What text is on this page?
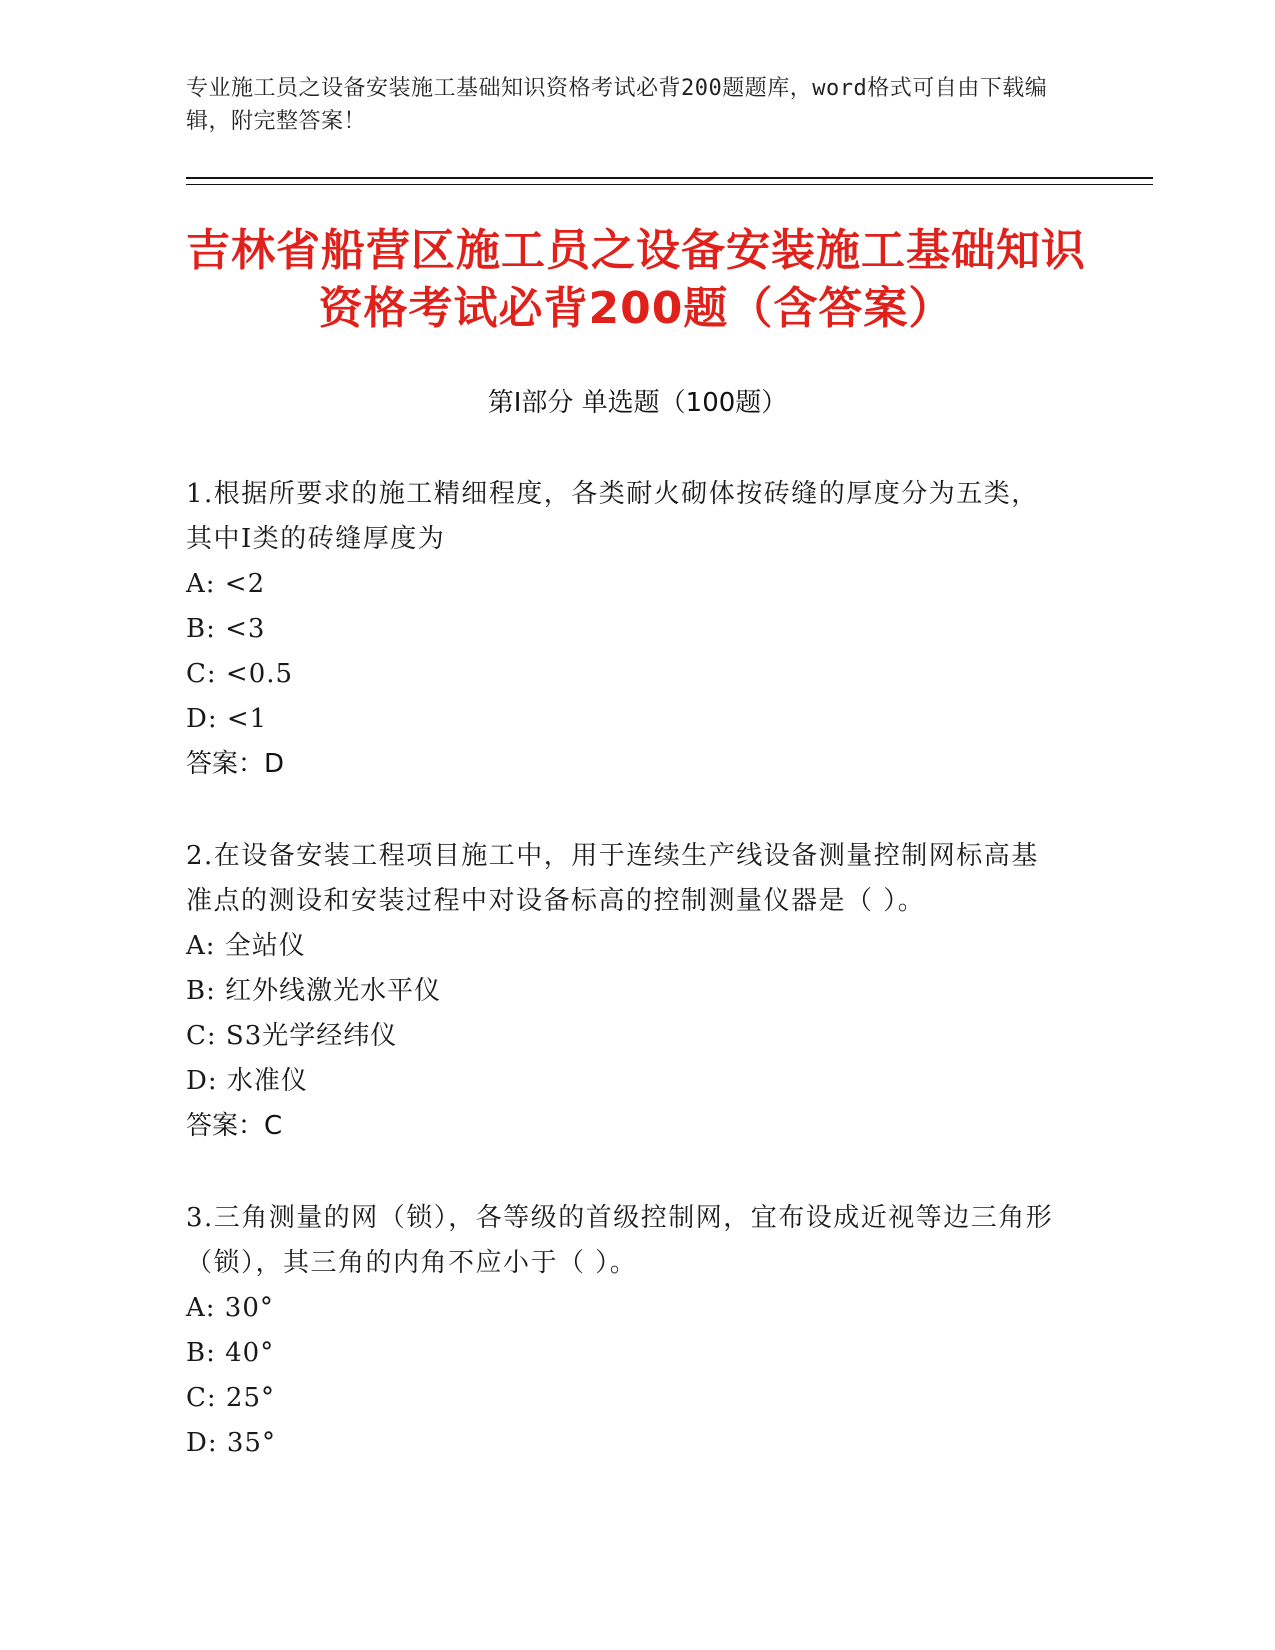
专业施工员之设备安装施工基础知识资格考试必背200题题库，word格式可自由下载编辑，附完整答案！
吉林省船营区施工员之设备安装施工基础知识资格考试必背200题（含答案）
第Ⅰ部分 单选题（100题）
1.根据所要求的施工精细程度，各类耐火砌体按砖缝的厚度分为五类，其中Ⅰ类的砖缝厚度为
A: <2
B: <3
C: <0.5
D: <1
答案：D
2.在设备安装工程项目施工中，用于连续生产线设备测量控制网标高基准点的测设和安装过程中对设备标高的控制测量仪器是（ ）。
A: 全站仪
B: 红外线激光水平仪
C: S3光学经纬仪
D: 水准仪
答案：C
3.三角测量的网（锁），各等级的首级控制网，宜布设成近视等边三角形（锁），其三角的内角不应小于（ ）。
A: 30°
B: 40°
C: 25°
D: 35°
